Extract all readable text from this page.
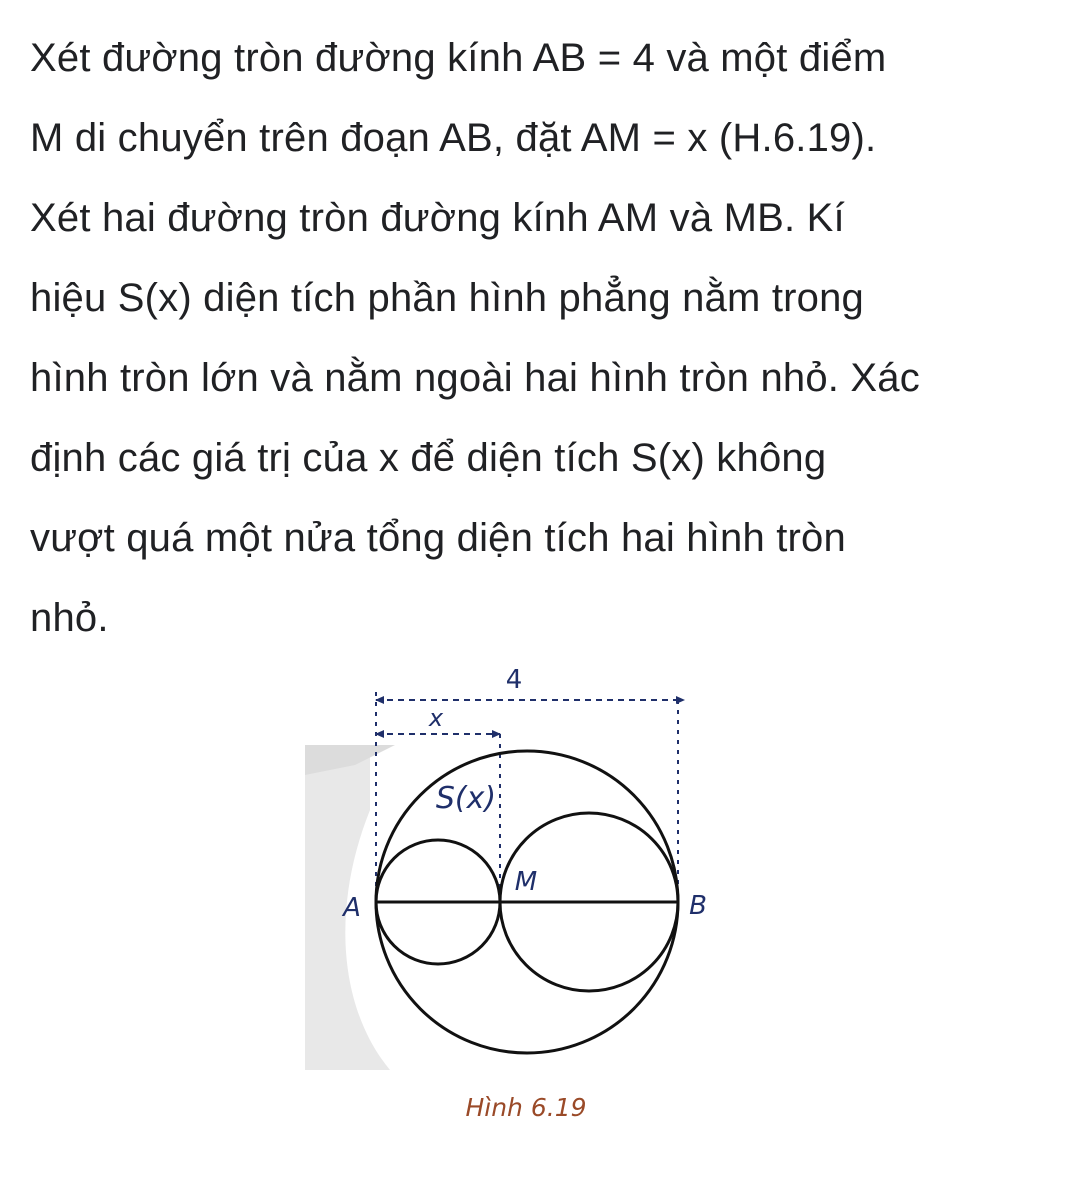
Xét đường tròn đường kính AB = 4 và một điểm
M di chuyển trên đoạn AB, đặt AM = x (H.6.19).
Xét hai đường tròn đường kính AM và MB. Kí
hiệu S(x) diện tích phần hình phẳng nằm trong
hình tròn lớn và nằm ngoài hai hình tròn nhỏ. Xác
định các giá trị của x để diện tích S(x) không
vượt quá một nửa tổng diện tích hai hình tròn
nhỏ.
4
x
S(x)
A
M
B
Hình 6.19
